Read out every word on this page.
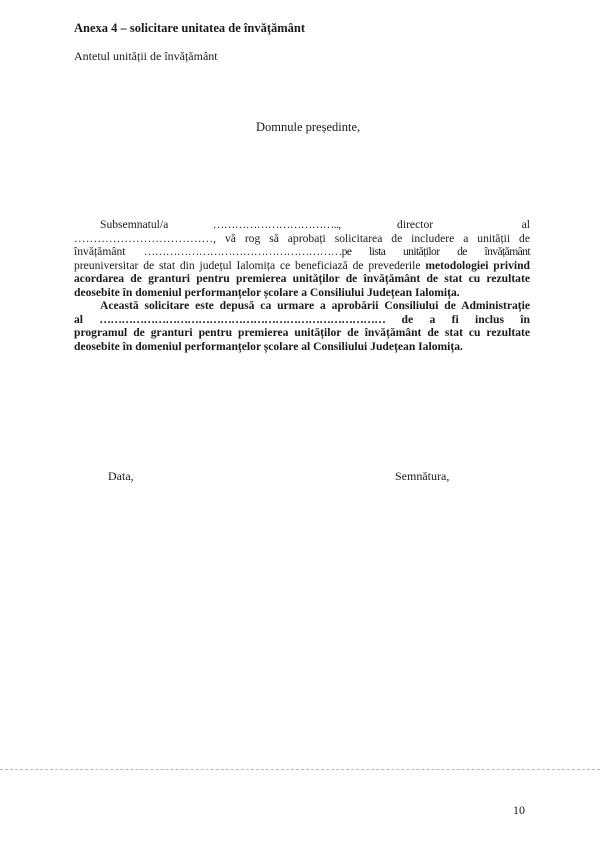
Anexa 4 – solicitare unitatea de învățământ
Antetul unității de învățământ
Domnule președinte,
Subsemnatul/a	……………………………..,	director	al
………………………………, vă rog să aprobați solicitarea de includere a unității de
învățământ ………………………………………………pe lista unităților de învățământ
preuniversitar de stat din județul Ialomița ce beneficiază de prevederile metodologiei privind
acordarea de granturi pentru premierea unităților de învățământ de stat cu rezultate
deosebite în domeniul performanțelor școlare a Consiliului Județean Ialomița.
Această solicitare este depusă ca urmare a aprobării Consiliului de Administrație
al …………………………………………………………………… de a fi inclus în
programul de granturi pentru premierea unităților de învățământ de stat cu rezultate
deosebite în domeniul performanțelor școlare al Consiliului Județean Ialomița.
Data,	Semnătura,
10
